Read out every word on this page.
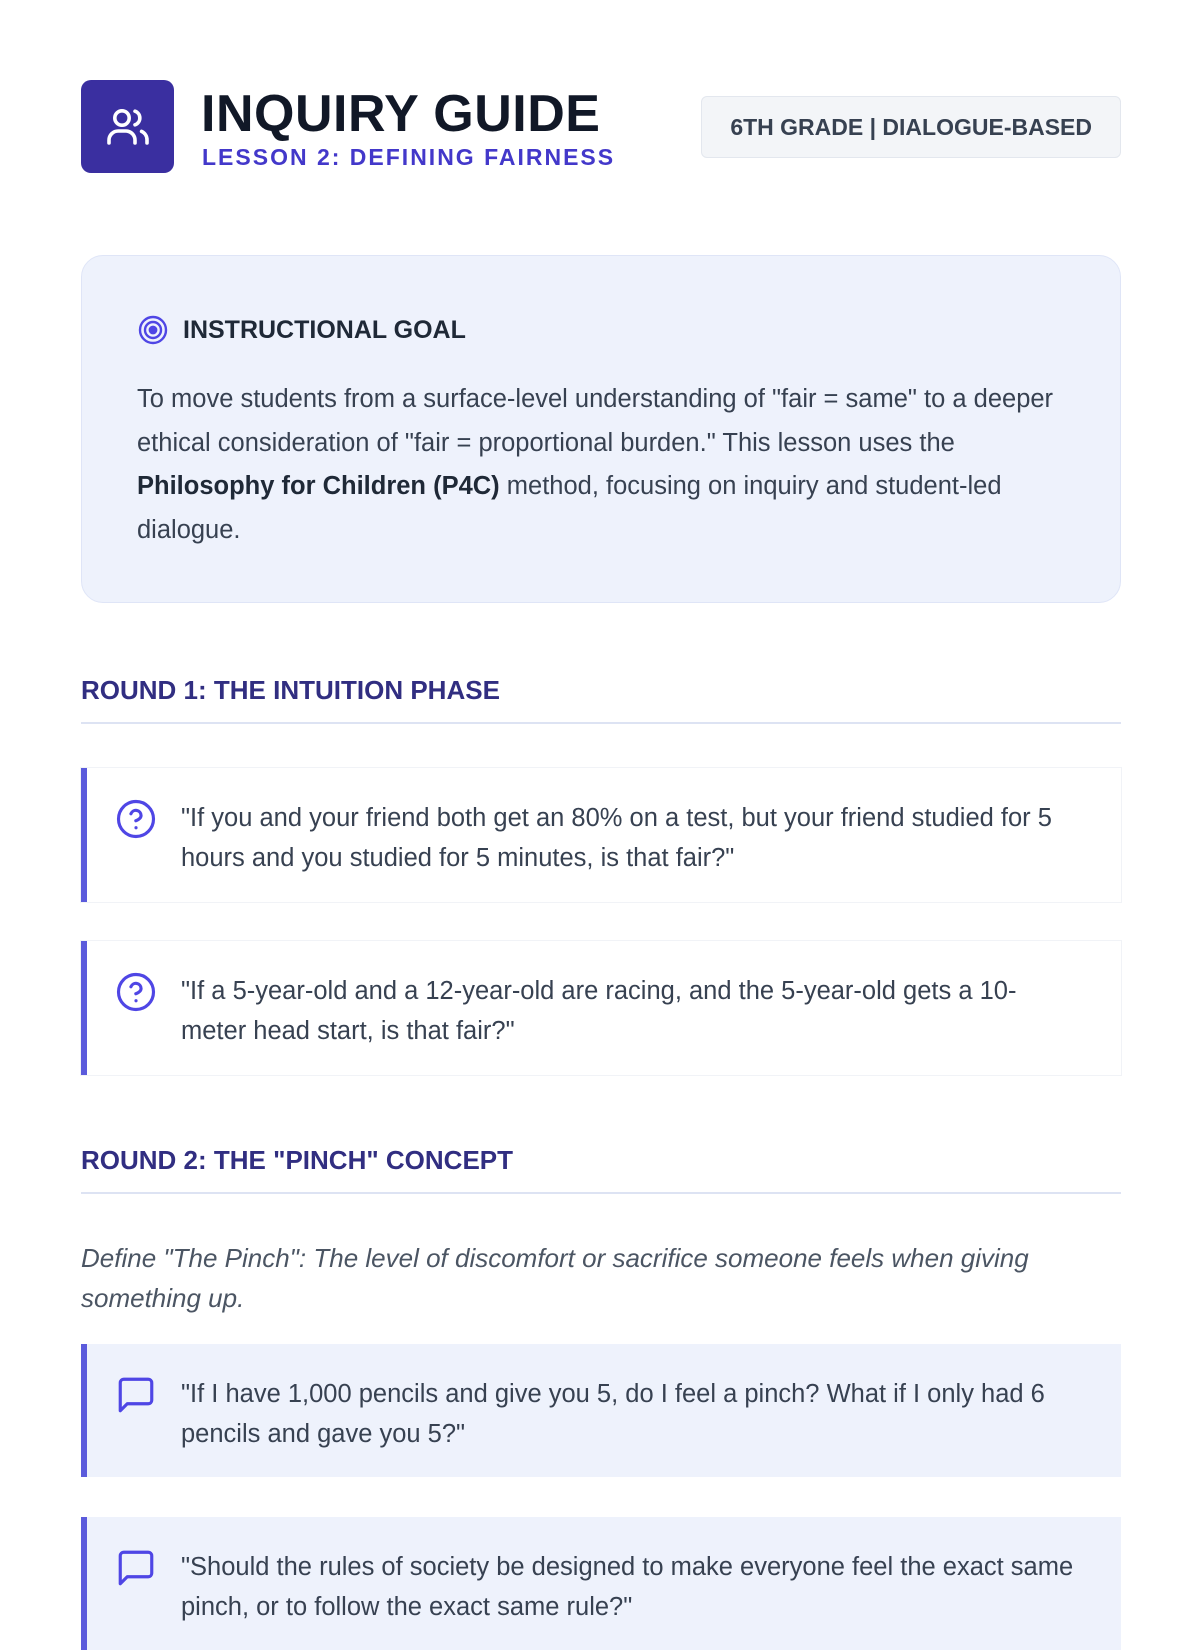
INQUIRY GUIDE
LESSON 2: DEFINING FAIRNESS
6TH GRADE | DIALOGUE-BASED
INSTRUCTIONAL GOAL

To move students from a surface-level understanding of "fair = same" to a deeper ethical consideration of "fair = proportional burden." This lesson uses the Philosophy for Children (P4C) method, focusing on inquiry and student-led dialogue.

ROUND 1: THE INTUITION PHASE
"If you and your friend both get an 80% on a test, but your friend studied for 5 hours and you studied for 5 minutes, is that fair?"
"If a 5-year-old and a 12-year-old are racing, and the 5-year-old gets a 10-meter head start, is that fair?"
ROUND 2: THE "PINCH" CONCEPT
Define "The Pinch": The level of discomfort or sacrifice someone feels when giving something up.
"If I have 1,000 pencils and give you 5, do I feel a pinch? What if I only had 6 pencils and gave you 5?"
"Should the rules of society be designed to make everyone feel the exact same pinch, or to follow the exact same rule?"
